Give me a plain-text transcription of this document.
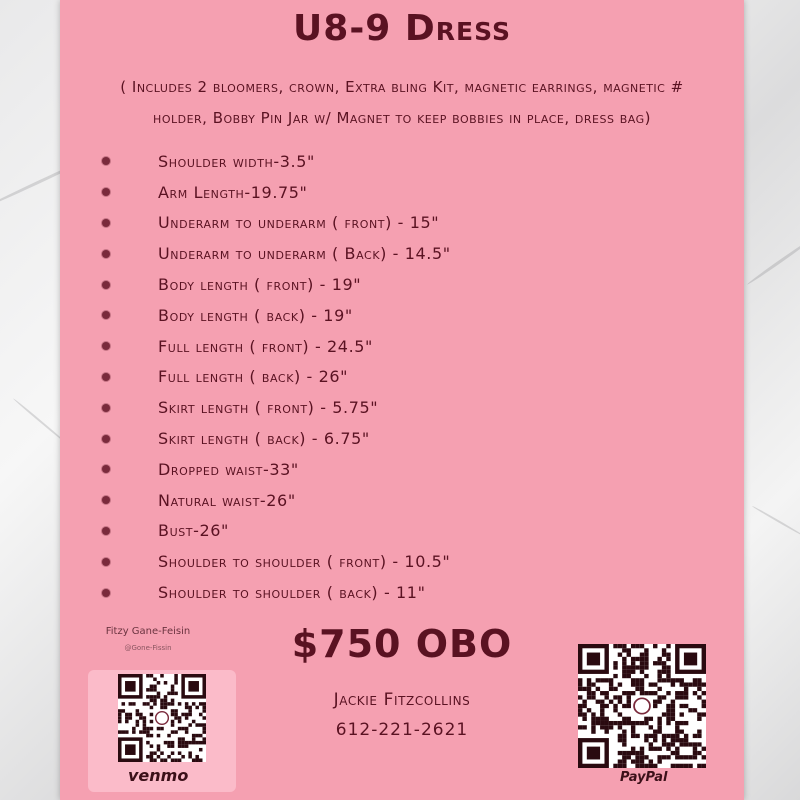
U8-9 Dress
( Includes 2 bloomers, crown, Extra bling Kit, magnetic earrings, magnetic #
holder, Bobby Pin Jar w/ Magnet to keep bobbies in place, dress bag)
Shoulder width-3.5"
Arm Length-19.75"
Underarm to underarm ( front) - 15"
Underarm to underarm ( Back) - 14.5"
Body length ( front) - 19"
Body length ( back) - 19"
Full length ( front) - 24.5"
Full length ( back) - 26"
Skirt length ( front) - 5.75"
Skirt length ( back) - 6.75"
Dropped waist-33"
Natural waist-26"
Bust-26"
Shoulder to shoulder ( front) - 10.5"
Shoulder to shoulder ( back) - 11"
Fitzy Gane-Feisin
@Gone-Fissin
venmo
$750 OBO
Jackie Fitzcollins
612-221-2621
PayPal
